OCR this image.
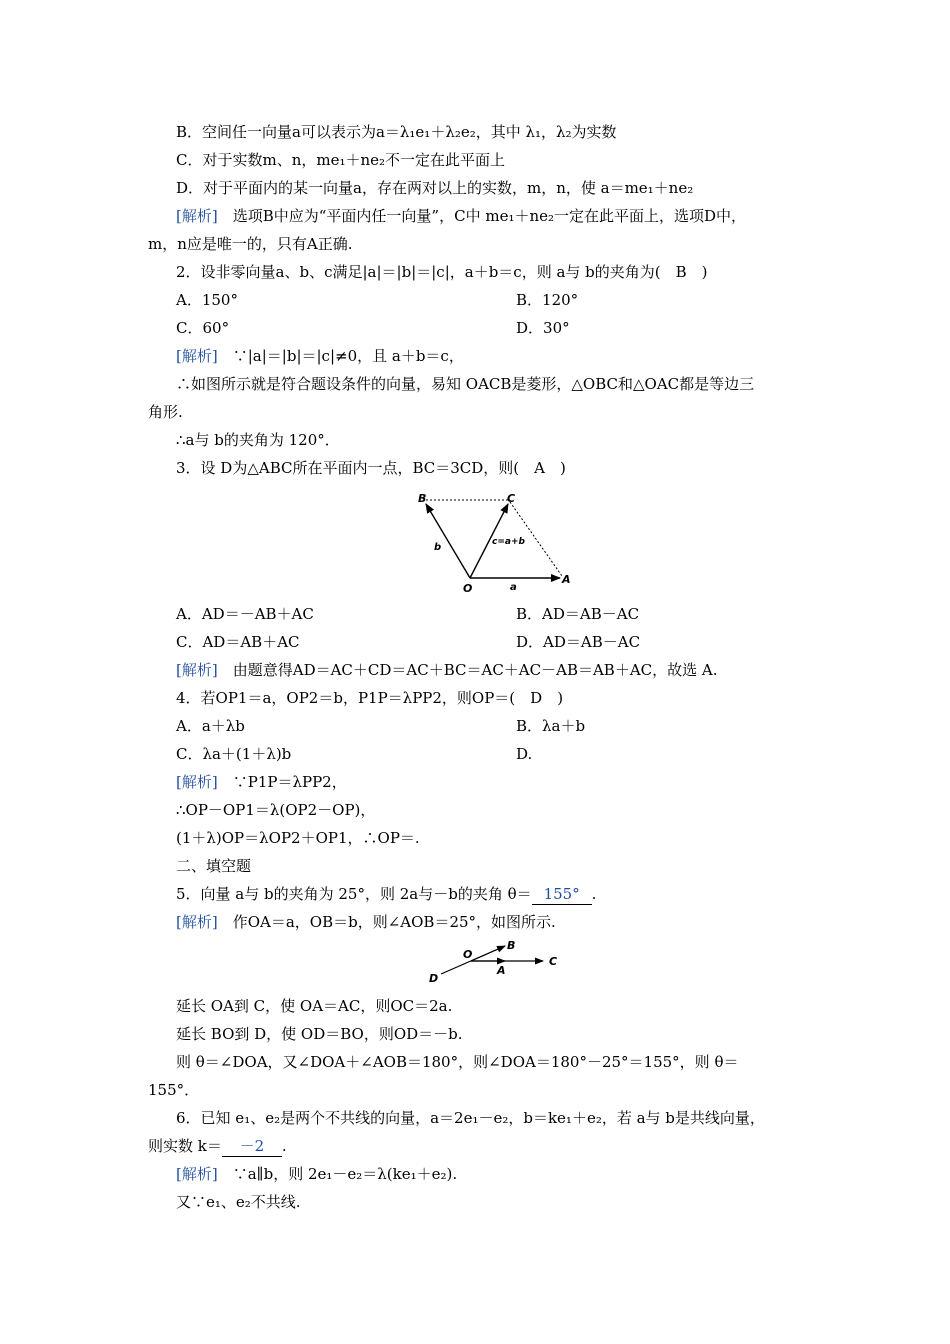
B．空间任一向量a可以表示为a＝λ₁e₁＋λ₂e₂，其中 λ₁，λ₂为实数
C．对于实数m、n，me₁＋ne₂不一定在此平面上
D．对于平面内的某一向量a，存在两对以上的实数，m，n，使 a＝me₁＋ne₂
[解析]　 选项B中应为“平面内任一向量”，C中 me₁＋ne₂一定在此平面上，选项D中，
m，n应是唯一的，只有A正确.
2．设非零向量a、b、c满足|a|＝|b|＝|c|，a＋b＝c，则 a与 b的夹角为(　B　)
A．150°	B．120°
C．60°	D．30°
[解析]　 ∵|a|＝|b|＝|c|≠0，且 a＋b＝c，
∴如图所示就是符合题设条件的向量，易知 OACB是菱形，△OBC和△OAC都是等边三
角形.
∴a与 b的夹角为 120°．
3．设 D为△ABC所在平面内一点，BC＝3CD，则(　A　)
B	C
O
A
b
a
c=a+b
A．AD＝－AB＋AC	B．AD＝AB－AC
C．AD＝AB＋AC	D．AD＝AB－AC
[解析]　 由题意得AD＝AC＋CD＝AC＋BC＝AC＋AC－AB＝AB＋AC，故选 A.
4．若OP1＝a，OP2＝b，P1P＝λPP2，则OP＝(　D　)
A．a＋λb	B．λa＋b
C．λa＋(1＋λ)b	D.
[解析]　 ∵P1P＝λPP2，
∴OP－OP1＝λ(OP2－OP)，
(1＋λ)OP＝λOP2＋OP1，∴OP＝.
二、填空题
5．向量 a与 b的夹角为 25°，则 2a与－b的夹角 θ＝ 155° .
[解析]　 作OA＝a，OB＝b，则∠AOB＝25°，如图所示.
D
O
B
A
C
延长 OA到 C，使 OA＝AC，则OC＝2a.
延长 BO到 D，使 OD＝BO，则OD＝－b.
则 θ＝∠DOA，又∠DOA＋∠AOB＝180°，则∠DOA＝180°－25°＝155°，则 θ＝
155°．
6．已知 e₁、e₂是两个不共线的向量，a＝2e₁－e₂，b＝ke₁＋e₂，若 a与 b是共线向量，
则实数 k＝ －2 .
[解析]　 ∵a∥b，则 2e₁－e₂＝λ(ke₁＋e₂).
又∵e₁、e₂不共线.
